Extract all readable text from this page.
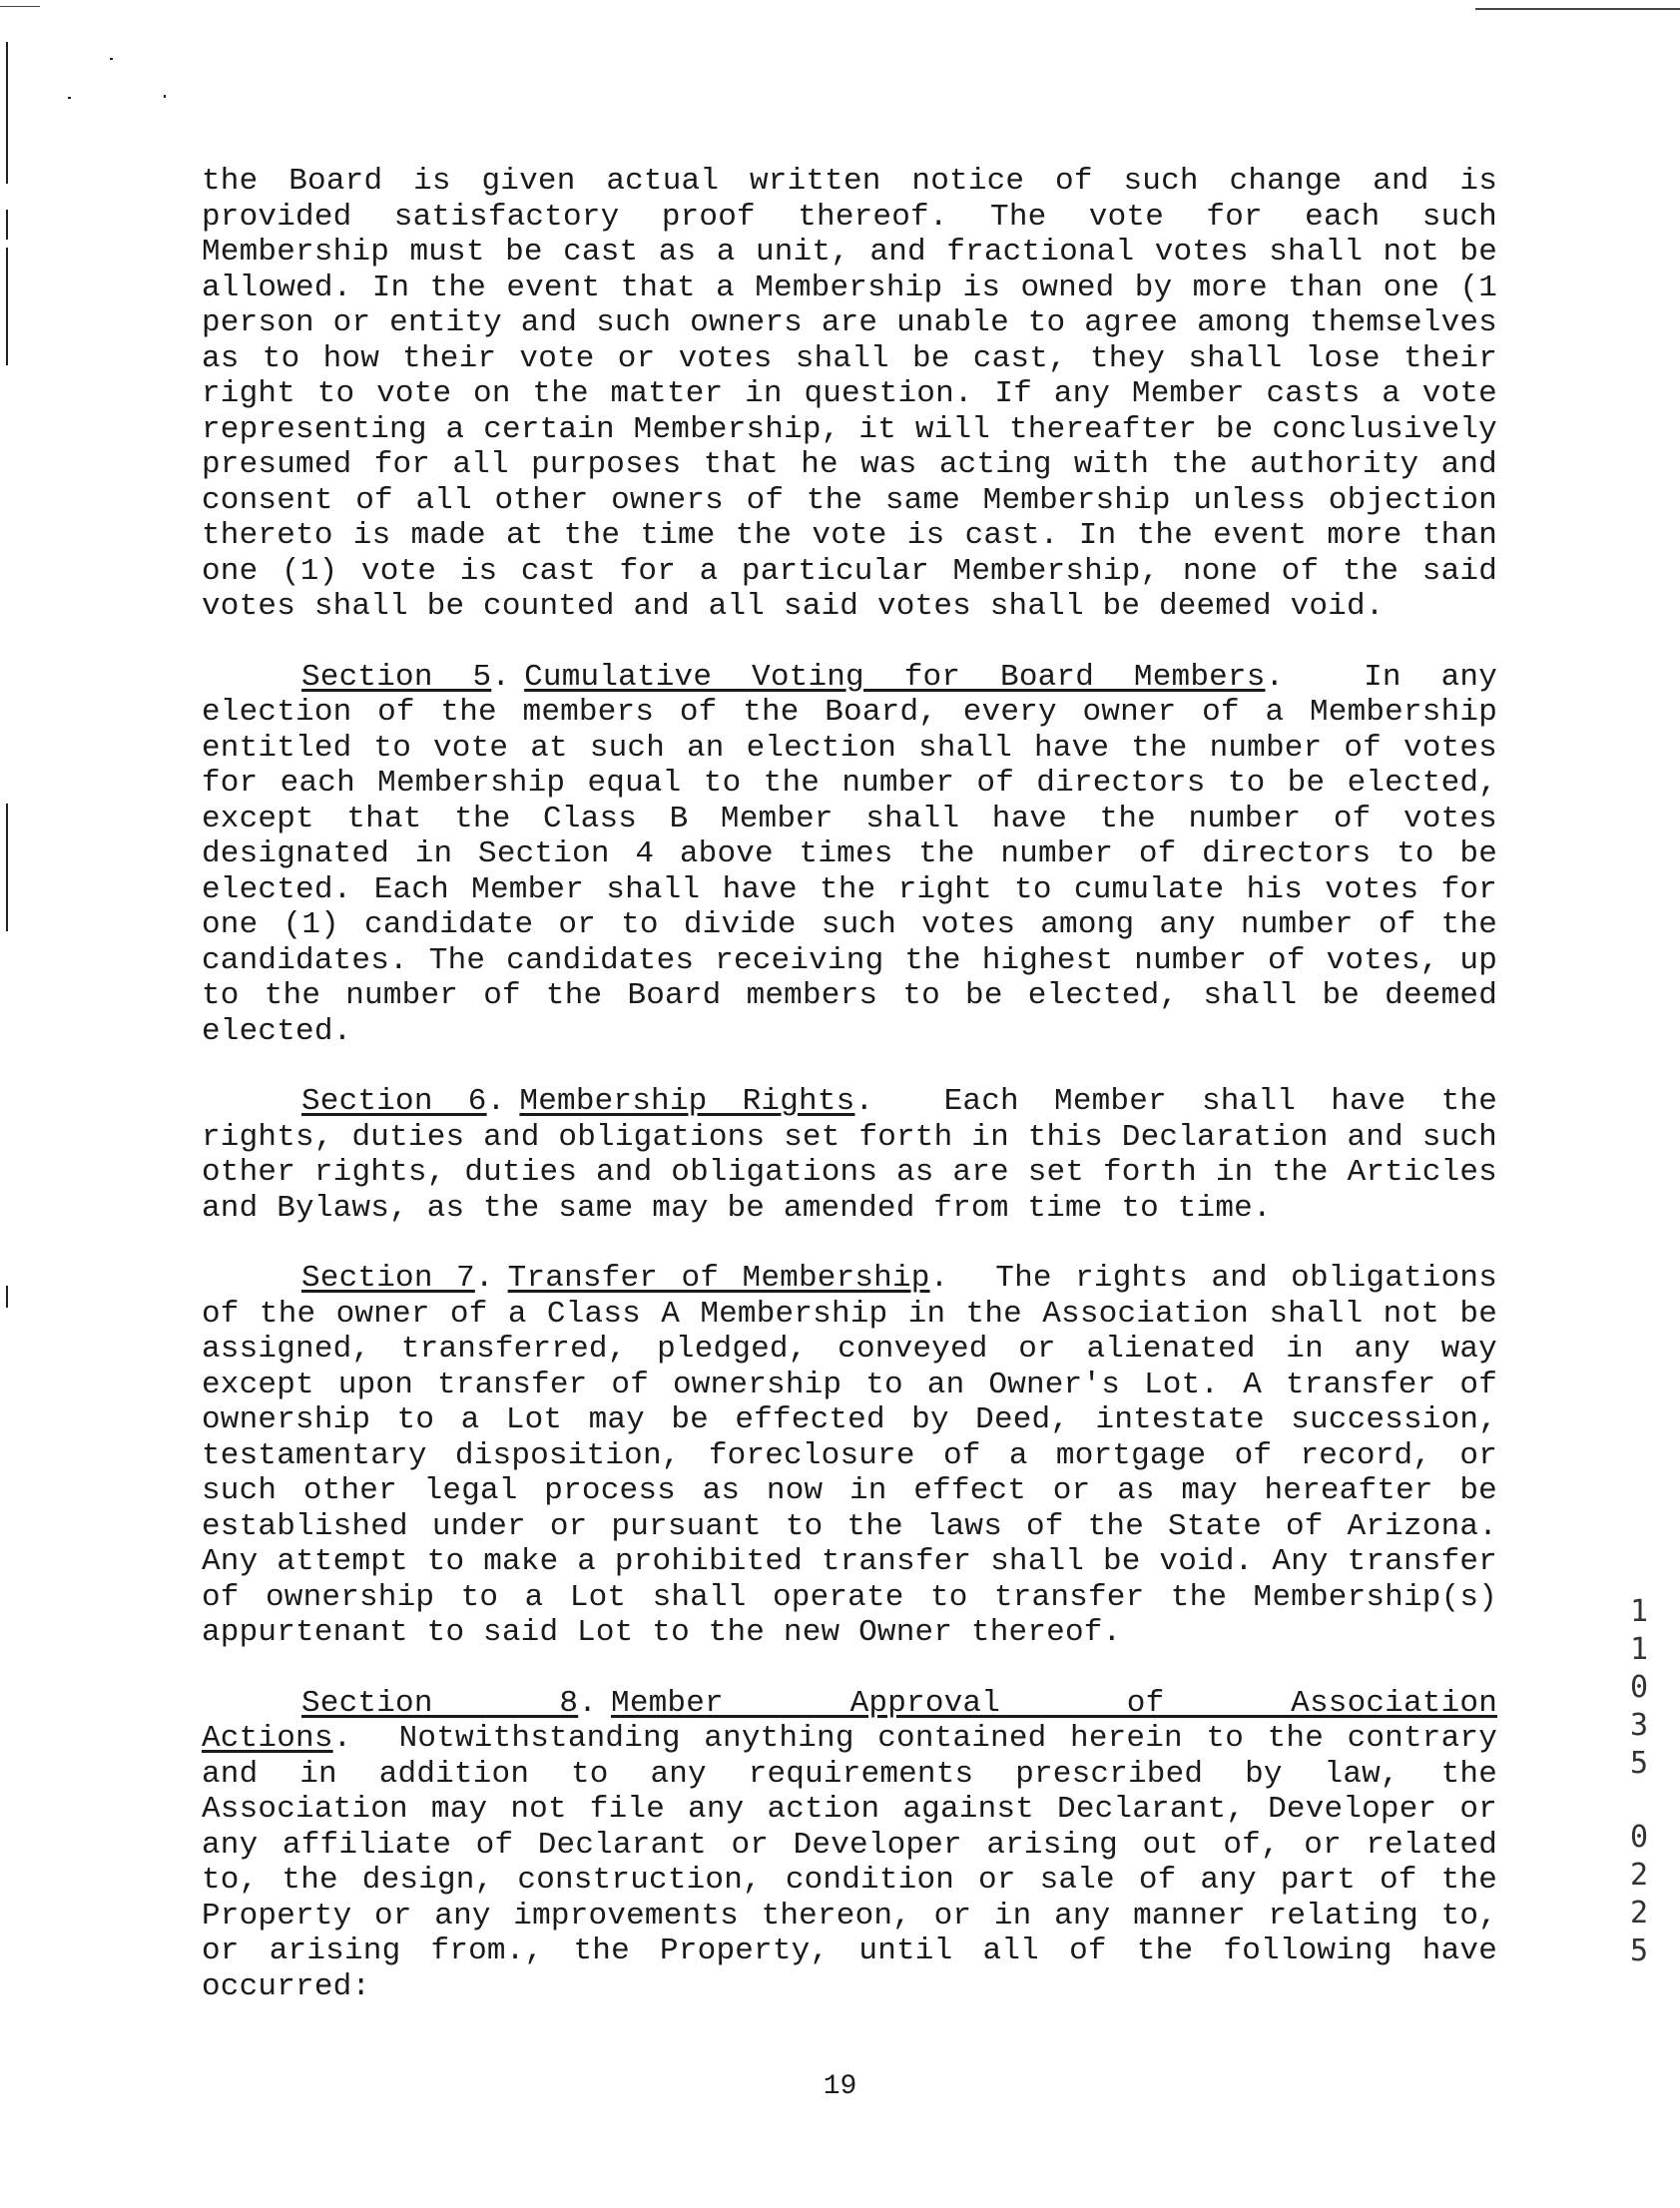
the Board is given actual written notice of such change and is provided satisfactory proof thereof. The vote for each such Membership must be cast as a unit, and fractional votes shall not be allowed. In the event that a Membership is owned by more than one (1 person or entity and such owners are unable to agree among themselves as to how their vote or votes shall be cast, they shall lose their right to vote on the matter in question. If any Member casts a vote representing a certain Membership, it will thereafter be conclusively presumed for all purposes that he was acting with the authority and consent of all other owners of the same Membership unless objection thereto is made at the time the vote is cast. In the event more than one (1) vote is cast for a particular Membership, none of the said votes shall be counted and all said votes shall be deemed void.

Section 5. Cumulative Voting for Board Members.	In any election of the members of the Board, every owner of a Membership entitled to vote at such an election shall have the number of votes for each Membership equal to the number of directors to be elected, except that the Class B Member shall have the number of votes designated in Section 4 above times the number of directors to be elected. Each Member shall have the right to cumulate his votes for one (1) candidate or to divide such votes among any number of the candidates. The candidates receiving the highest number of votes, up to the number of the Board members to be elected, shall be deemed elected.

Section 6. Membership Rights. Each Member shall have the rights, duties and obligations set forth in this Declaration and such other rights, duties and obligations as are set forth in the Articles and Bylaws, as the same may be amended from time to time.

Section 7. Transfer of Membership. The rights and obligations of the owner of a Class A Membership in the Association shall not be assigned, transferred, pledged, conveyed or alienated in any way except upon transfer of ownership to an Owner's Lot. A transfer of ownership to a Lot may be effected by Deed, intestate succession, testamentary disposition, foreclosure of a mortgage of record, or such other legal process as now in effect or as may hereafter be established under or pursuant to the laws of the State of Arizona. Any attempt to make a prohibited transfer shall be void. Any transfer of ownership to a Lot shall operate to transfer the Membership(s) appurtenant to said Lot to the new Owner thereof.

Section 8. Member Approval of Association Actions. Notwithstanding anything contained herein to the contrary and in addition to any requirements prescribed by law, the Association may not file any action against Declarant, Developer or any affiliate of Declarant or Developer arising out of, or related to, the design, construction, condition or sale of any part of the Property or any improvements thereon, or in any manner relating to, or arising from., the Property, until all of the following have occurred:

19
1
1
0
3
5
0
2
2
5
